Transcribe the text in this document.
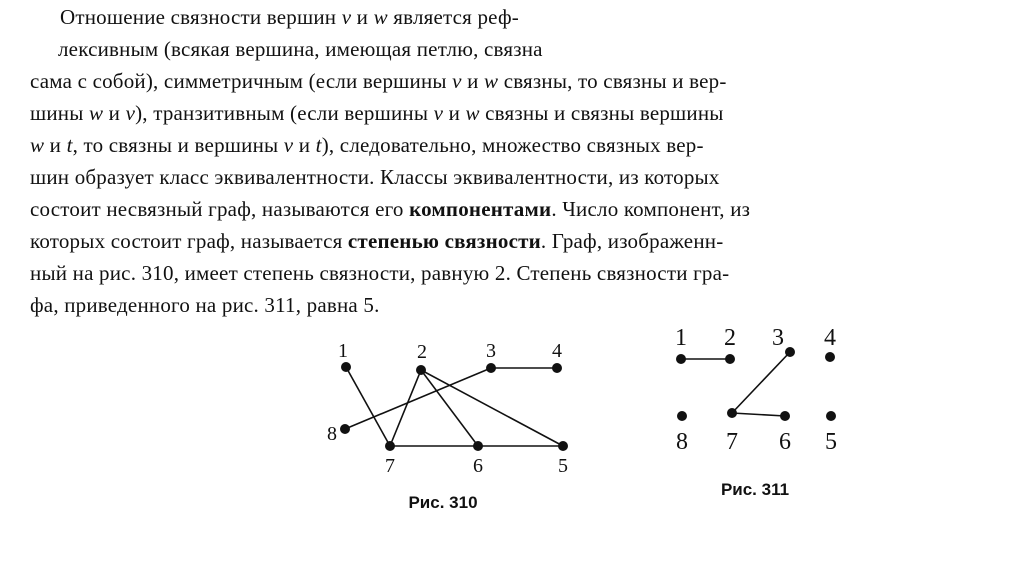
Отношение связности вершин v и w является реф-
лексивным (всякая вершина, имеющая петлю, связна
сама с собой), симметричным (если вершины v и w связны, то связны и вер-
шины w и v), транзитивным (если вершины v и w связны и связны вершины
w и t, то связны и вершины v и t), следовательно, множество связных вер-
шин образует класс эквивалентности. Классы эквивалентности, из которых
состоит несвязный граф, называются его компонентами. Число компонент, из
которых состоит граф, называется степенью связности. Граф, изображенн-
ный на рис. 310, имеет степень связности, равную 2. Степень связности гра-
фа, приведенного на рис. 311, равна 5.
1	2	3	4
5
6
7
8
Рис. 310
1 2 3 4
5
6
7
8
Рис. 311
